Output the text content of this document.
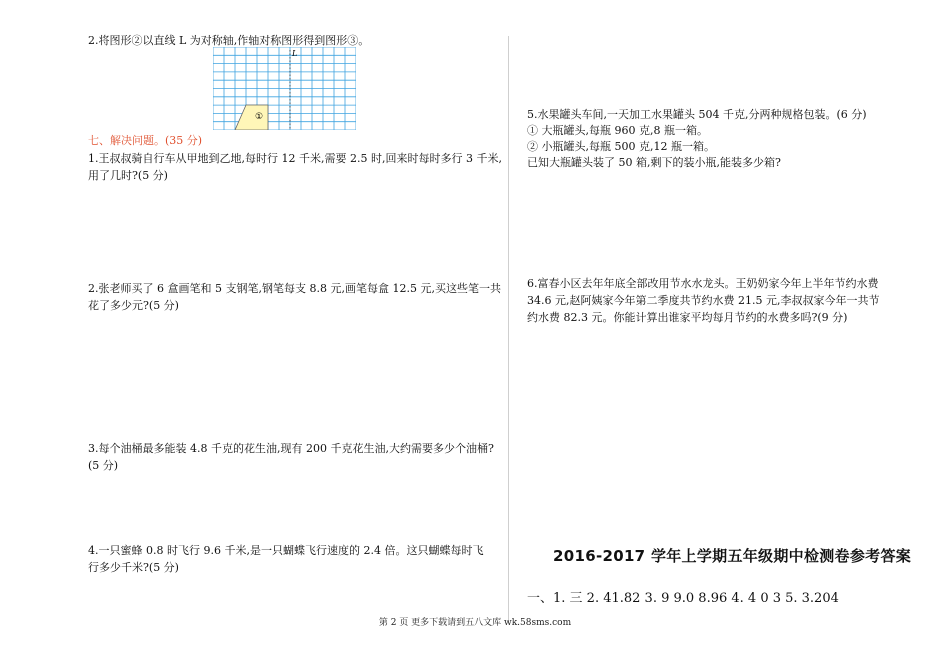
2.将图形②以直线 L 为对称轴,作轴对称图形得到图形③。
L
①
七、解决问题。(35 分)
1.王叔叔骑自行车从甲地到乙地,每时行 12 千米,需要 2.5 时,回来时每时多行 3 千米,
用了几时?(5 分)
2.张老师买了 6 盒画笔和 5 支钢笔,钢笔每支 8.8 元,画笔每盒 12.5 元,买这些笔一共
花了多少元?(5 分)
3.每个油桶最多能装 4.8 千克的花生油,现有 200 千克花生油,大约需要多少个油桶?
(5 分)
4.一只蜜蜂 0.8 时飞行 9.6 千米,是一只蝴蝶飞行速度的 2.4 倍。这只蝴蝶每时飞
行多少千米?(5 分)
5.水果罐头车间,一天加工水果罐头 504 千克,分两种规格包装。(6 分)
① 大瓶罐头,每瓶 960 克,8 瓶一箱。
② 小瓶罐头,每瓶 500 克,12 瓶一箱。
已知大瓶罐头装了 50 箱,剩下的装小瓶,能装多少箱?
6.富春小区去年年底全部改用节水水龙头。王奶奶家今年上半年节约水费
34.6 元,赵阿姨家今年第二季度共节约水费 21.5 元,李叔叔家今年一共节
约水费 82.3 元。你能计算出谁家平均每月节约的水费多吗?(9 分)
2016-2017 学年上学期五年级期中检测卷参考答案
一、1. 三 2. 41.82 3. 9 9.0 8.96 4. 4 0 3 5. 3.204
第 2 页 更多下载请到五八文库 wk.58sms.com
